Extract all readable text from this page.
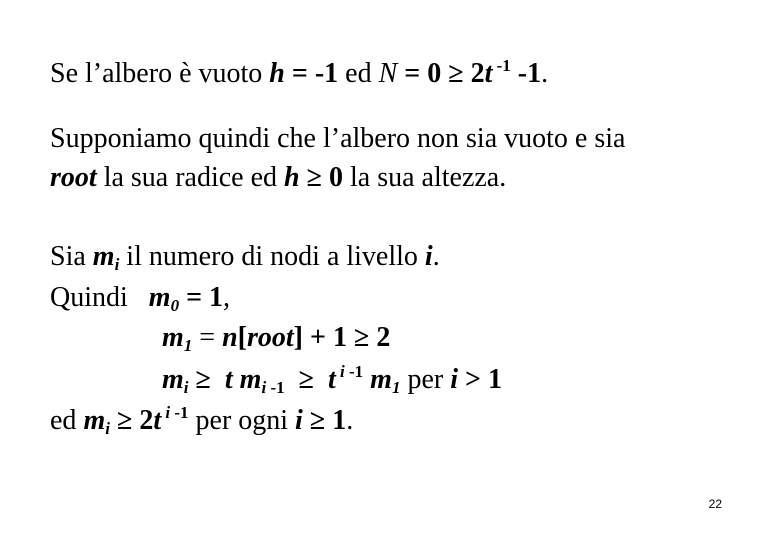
Se l’albero è vuoto h = -1 ed N = 0 ≥ 2t $^{-1}$ -1.
Supponiamo quindi che l’albero non sia vuoto e sia
root la sua radice ed h ≥ 0 la sua altezza.
Sia $m_i$ il numero di nodi a livello i.
Quindi   $m_0 = 1$,
$m_1$ = n[root] + 1 ≥ 2
$m_i \ge t$ $m_i$ $_{-1}$  ≥  t $^i$ $^{-1}$ $m_1$ per i > 1
ed $m_i \ge 2t$ $^i$ $^{-1}$ per ogni i ≥ 1.
22
